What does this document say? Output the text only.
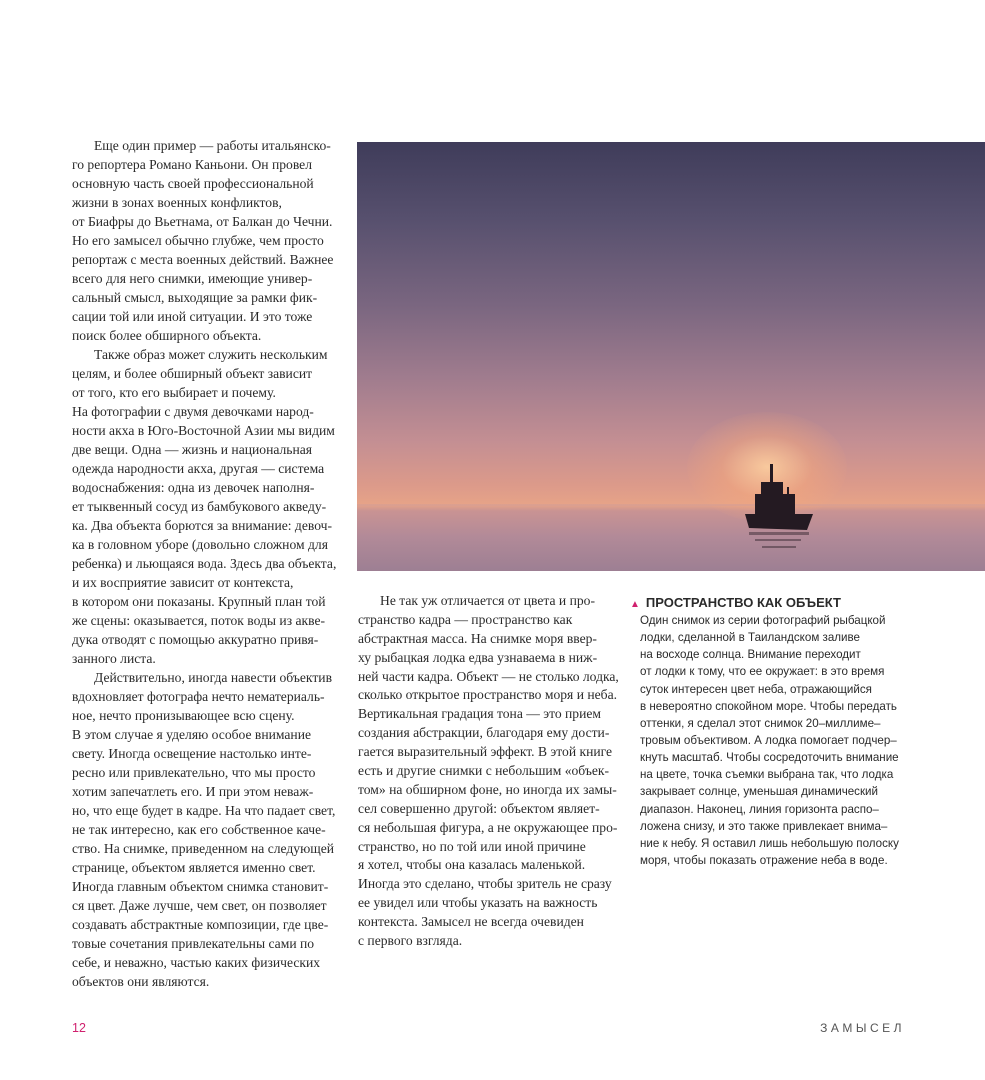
Еще один пример — работы итальянско-
го репортера Романо Каньони. Он провел
основную часть своей профессиональной
жизни в зонах военных конфликтов,
от Биафры до Вьетнама, от Балкан до Чечни.
Но его замысел обычно глубже, чем просто
репортаж с места военных действий. Важнее
всего для него снимки, имеющие универ-
сальный смысл, выходящие за рамки фик-
сации той или иной ситуации. И это тоже
поиск более обширного объекта.
Также образ может служить нескольким
целям, и более обширный объект зависит
от того, кто его выбирает и почему.
На фотографии с двумя девочками народ-
ности акха в Юго-Восточной Азии мы видим
две вещи. Одна — жизнь и национальная
одежда народности акха, другая — система
водоснабжения: одна из девочек наполня-
ет тыквенный сосуд из бамбукового акведу-
ка. Два объекта борются за внимание: девоч-
ка в головном уборе (довольно сложном для
ребенка) и льющаяся вода. Здесь два объекта,
и их восприятие зависит от контекста,
в котором они показаны. Крупный план той
же сцены: оказывается, поток воды из акве-
дука отводят с помощью аккуратно привя-
занного листа.
Действительно, иногда навести объектив
вдохновляет фотографа нечто нематериаль-
ное, нечто пронизывающее всю сцену.
В этом случае я уделяю особое внимание
свету. Иногда освещение настолько инте-
ресно или привлекательно, что мы просто
хотим запечатлеть его. И при этом неваж-
но, что еще будет в кадре. На что падает свет,
не так интересно, как его собственное каче-
ство. На снимке, приведенном на следующей
странице, объектом является именно свет.
Иногда главным объектом снимка становит-
ся цвет. Даже лучше, чем свет, он позволяет
создавать абстрактные композиции, где цве-
товые сочетания привлекательны сами по
себе, и неважно, частью каких физических
объектов они являются.
Не так уж отличается от цвета и про-
странство кадра — пространство как
абстрактная масса. На снимке моря ввер-
ху рыбацкая лодка едва узнаваема в ниж-
ней части кадра. Объект — не столько лодка,
сколько открытое пространство моря и неба.
Вертикальная градация тона — это прием
создания абстракции, благодаря ему дости-
гается выразительный эффект. В этой книге
есть и другие снимки с небольшим «объек-
том» на обширном фоне, но иногда их замы-
сел совершенно другой: объектом являет-
ся небольшая фигура, а не окружающее про-
странство, но по той или иной причине
я хотел, чтобы она казалась маленькой.
Иногда это сделано, чтобы зритель не сразу
ее увидел или чтобы указать на важность
контекста. Замысел не всегда очевиден
с первого взгляда.
▲ ПРОСТРАНСТВО КАК ОБЪЕКТ
Один снимок из серии фотографий рыбацкой
лодки, сделанной в Таиландском заливе
на восходе солнца. Внимание переходит
от лодки к тому, что ее окружает: в это время
суток интересен цвет неба, отражающийся
в невероятно спокойном море. Чтобы передать
оттенки, я сделал этот снимок 20–миллиме–
тровым объективом. А лодка помогает подчер–
кнуть масштаб. Чтобы сосредоточить внимание
на цвете, точка съемки выбрана так, что лодка
закрывает солнце, уменьшая динамический
диапазон. Наконец, линия горизонта распо–
ложена снизу, и это также привлекает внима–
ние к небу. Я оставил лишь небольшую полоску
моря, чтобы показать отражение неба в воде.
12	ЗАМЫСЕЛ
